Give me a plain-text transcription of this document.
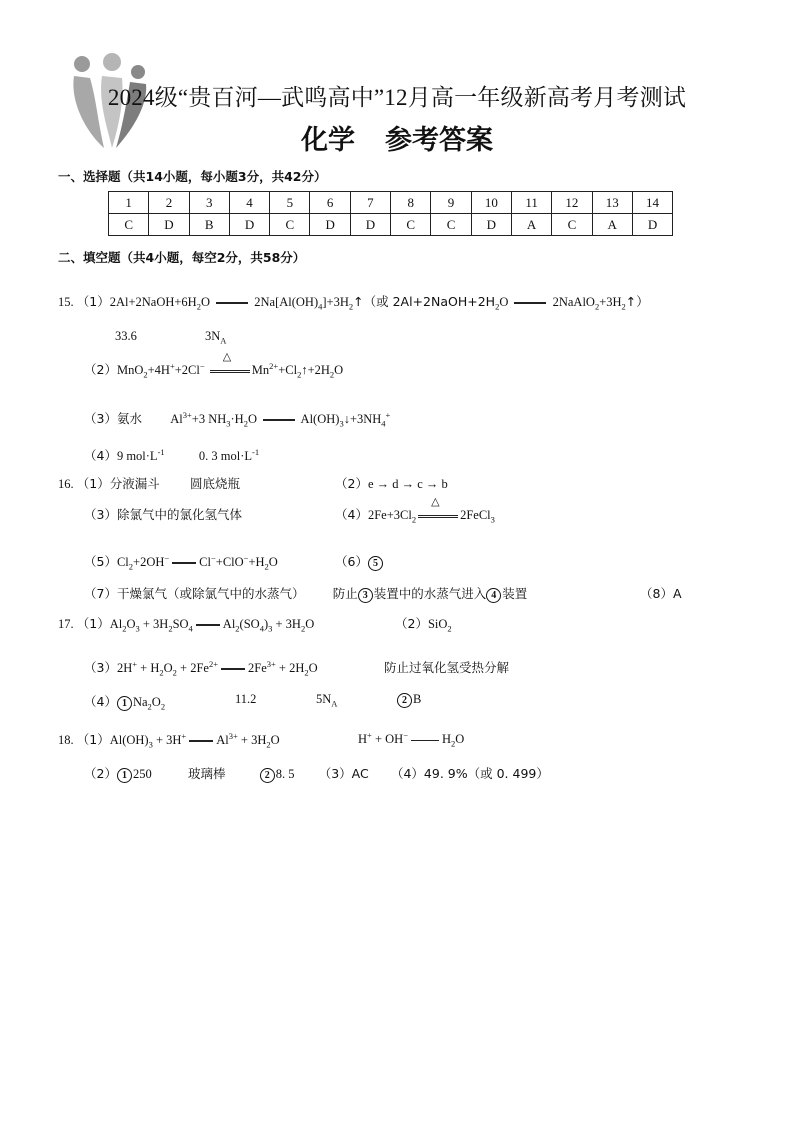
2024级“贵百河—武鸣高中”12月高一年级新高考月考测试
化学 参考答案
一、选择题（共14小题，每小题3分，共42分）
1	2	3	4	5	6	7	8	9	10	11	12	13	14
C	D	B	D	C	D	D	C	C	D	A	C	A	D
二、填空题（共4小题，每空2分，共58分）
15. $(1)2Al+2NaOH+6H_2O$	$2Na[Al(OH)_4]+3H_2↑$（或 $2Al+2NaOH+2H_2O$	$2NaAlO_2+3H_2↑$）
33.6	$3N_A$
（2）MnO$_2$+4H++2Cl−
△
$Mn^{2+}+Cl_2↑+2H_2O$
（3）氨水 $Al^{3+}+3$ $NH_3\cdot H_2O$	$Al(OH)_3↓+3NH_4^+$
（4）9 $mol\cdot L^{-1}$	0. 3 $mol\cdot L^{-1}$
16. （1）分液漏斗 圆底烧瓶	（2）e → d → c → b
（3）除氯气中的氯化氢气体	$(4)2Fe+3Cl_2$
△
2FeCl$_3$
$(5)Cl_2+2OH^-$ $Cl^-+ClO^-+H_2O$	（6） 5
（7）干燥氯气（或除氯气中的水蒸气） 防止 3 装置中的水蒸气进入 4 装置	（8）A
17. $(1)Al_2O_3 + 3H_2SO_4$ $Al_2(SO_4)_3 + 3H_2O$	（2）SiO$_2$
$(3)2H^+ + H_2O_2 + 2Fe^{2+}$ $2Fe^{3+} + 2H_2O$	防止过氧化氢受热分解
（4） 1 $Na_2O_2$
11.2	$5N_A$	2 B
18. $(1)Al(OH)_3 + 3H^+$ $Al^{3+} + 3H_2O$	H+ + OH−	$H_2O$
（2） 1 250	玻璃棒	2 8. 5 （3）AC （4）49. 9%（或 0. 499）
